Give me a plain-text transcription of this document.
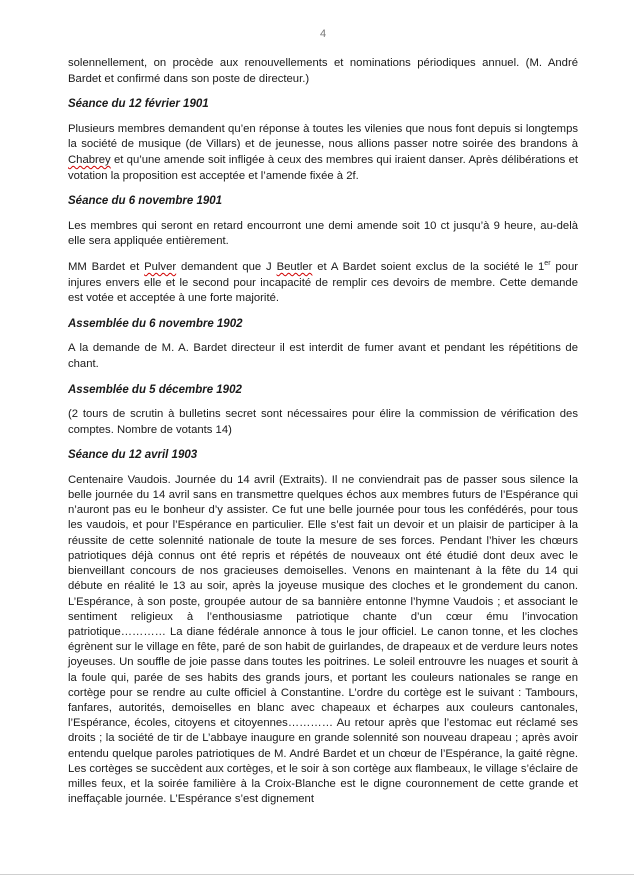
4

solennellement, on procède aux renouvellements et nominations périodiques annuel. (M. André Bardet et confirmé dans son poste de directeur.)

Séance du 12 février 1901

Plusieurs membres demandent qu’en réponse à toutes les vilenies que nous font depuis si longtemps la société de musique (de Villars) et de jeunesse, nous allions passer notre soirée des brandons à Chabrey et qu’une amende soit infligée à ceux des membres qui iraient danser. Après délibérations et votation la proposition est acceptée et l’amende fixée à 2f.

Séance du 6 novembre 1901

Les membres qui seront en retard encourront une demi amende soit 10 ct jusqu’à 9 heure, au-delà elle sera appliquée entièrement.

MM Bardet et Pulver demandent que J Beutler et A Bardet soient exclus de la société le 1er pour injures envers elle et le second pour incapacité de remplir ces devoirs de membre. Cette demande est votée et acceptée à une forte majorité.

Assemblée du 6 novembre 1902

A la demande de M. A. Bardet directeur il est interdit de fumer avant et pendant les répétitions de chant.

Assemblée du 5 décembre 1902

(2 tours de scrutin à bulletins secret sont nécessaires pour élire la commission de vérification des comptes. Nombre de votants 14)

Séance du 12 avril 1903

Centenaire Vaudois. Journée du 14 avril (Extraits). Il ne conviendrait pas de passer sous silence la belle journée du 14 avril sans en transmettre quelques échos aux membres futurs de l’Espérance qui n’auront pas eu le bonheur d’y assister. Ce fut une belle journée pour tous les confédérés, pour tous les vaudois, et pour l’Espérance en particulier. Elle s’est fait un devoir et un plaisir de participer à la réussite de cette solennité nationale de toute la mesure de ses forces. Pendant l’hiver les chœurs patriotiques déjà connus ont été repris et répétés de nouveaux ont été étudié dont deux avec le bienveillant concours de nos gracieuses demoiselles. Venons en maintenant à la fête du 14 qui débute en réalité le 13 au soir, après la joyeuse musique des cloches et le grondement du canon. L’Espérance, à son poste, groupée autour de sa bannière entonne l’hymne Vaudois ; et associant le sentiment religieux à l’enthousiasme patriotique chante d’un cœur ému l’invocation patriotique………… La diane fédérale annonce à tous le jour officiel. Le canon tonne, et les cloches égrènent sur le village en fête, paré de son habit de guirlandes, de drapeaux et de verdure leurs notes joyeuses. Un souffle de joie passe dans toutes les poitrines. Le soleil entrouvre les nuages et sourit à la foule qui, parée de ses habits des grands jours, et portant les couleurs nationales se range en cortège pour se rendre au culte officiel à Constantine. L’ordre du cortège est le suivant : Tambours, fanfares, autorités, demoiselles en blanc avec chapeaux et écharpes aux couleurs cantonales, l’Espérance, écoles, citoyens et citoyennes………… Au retour après que l’estomac eut réclamé ses droits ; la société de tir de L’abbaye inaugure en grande solennité son nouveau drapeau ; après avoir entendu quelque paroles patriotiques de M. André Bardet et un chœur de l’Espérance, la gaité règne. Les cortèges se succèdent aux cortèges, et le soir à son cortège aux flambeaux, le village s’éclaire de milles feux, et la soirée familière à la Croix-Blanche est le digne couronnement de cette grande et ineffaçable journée. L’Espérance s’est dignement
